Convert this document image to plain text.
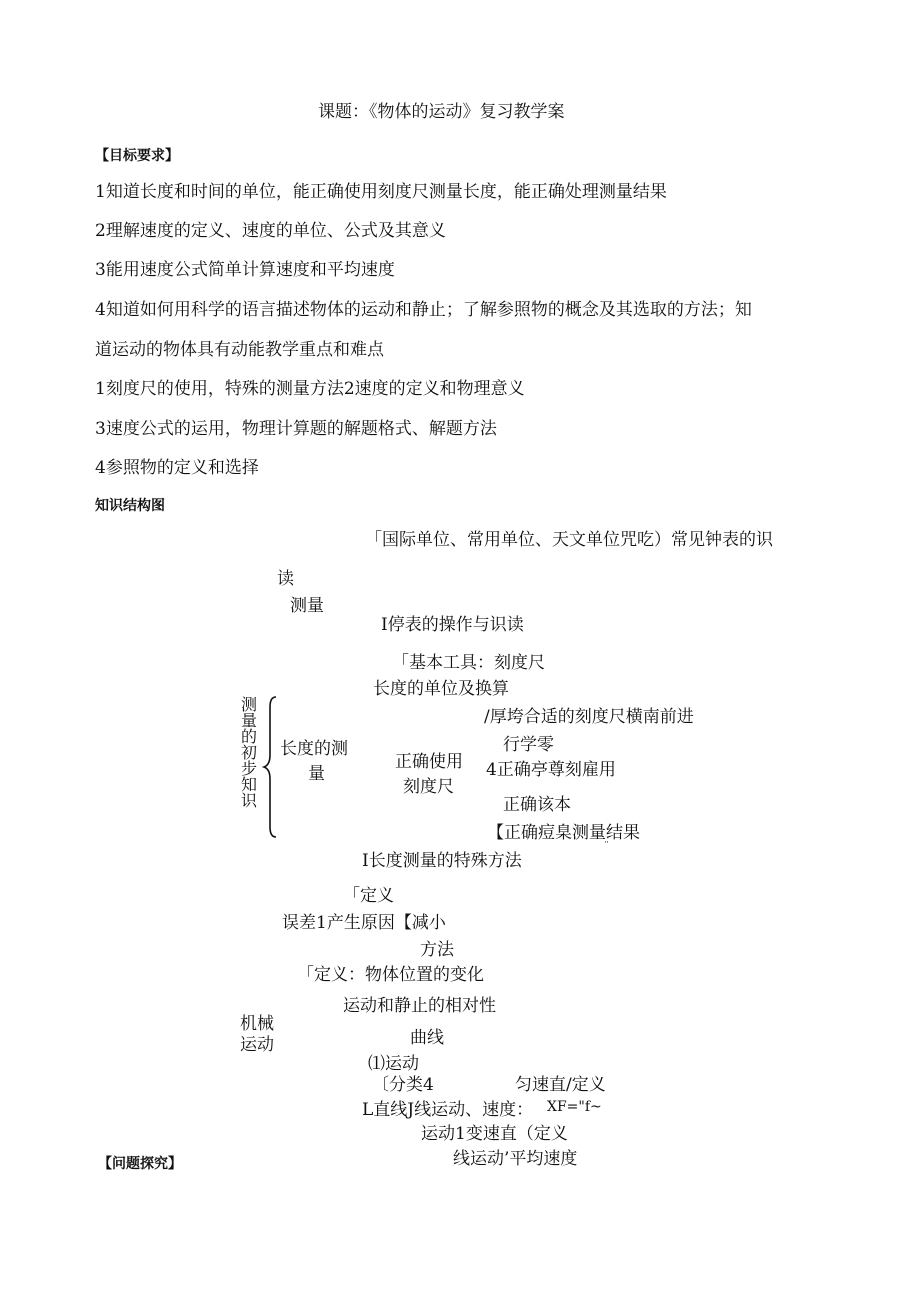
课题：《物体的运动》复习教学案
【目标要求】
1知道长度和时间的单位，能正确使用刻度尺测量长度，能正确处理测量结果
2理解速度的定义、速度的单位、公式及其意义
3能用速度公式简单计算速度和平均速度
4知道如何用科学的语言描述物体的运动和静止；了解参照物的概念及其选取的方法；知
道运动的物体具有动能教学重点和难点
1刻度尺的使用，特殊的测量方法2速度的定义和物理意义
3速度公式的运用，物理计算题的解题格式、解题方法
4参照物的定义和选择
知识结构图
「国际单位、常用单位、天文单位咒吃）常见钟表的识
读
测量
I停表的操作与识读
「基本工具：刻度尺
长度的单位及换算
/厚垮合适的刻度尺横南前进
测量的初步知识
长度的测
量
正确使用
刻度尺
行学零
4正确亭尊刻雇用
正确该本
【正确痘臬测量结果
¨
I长度测量的特殊方法
「定义
误差1产生原因【减小
方法
「定义：物体位置的变化
运动和静止的相对性
机械
运动	曲线
⑴运动
〔分类4	匀速直/定义
L直线J线运动、速度： XF="f~
运动1变速直（定义
线运动’平均速度
【问题探究】
